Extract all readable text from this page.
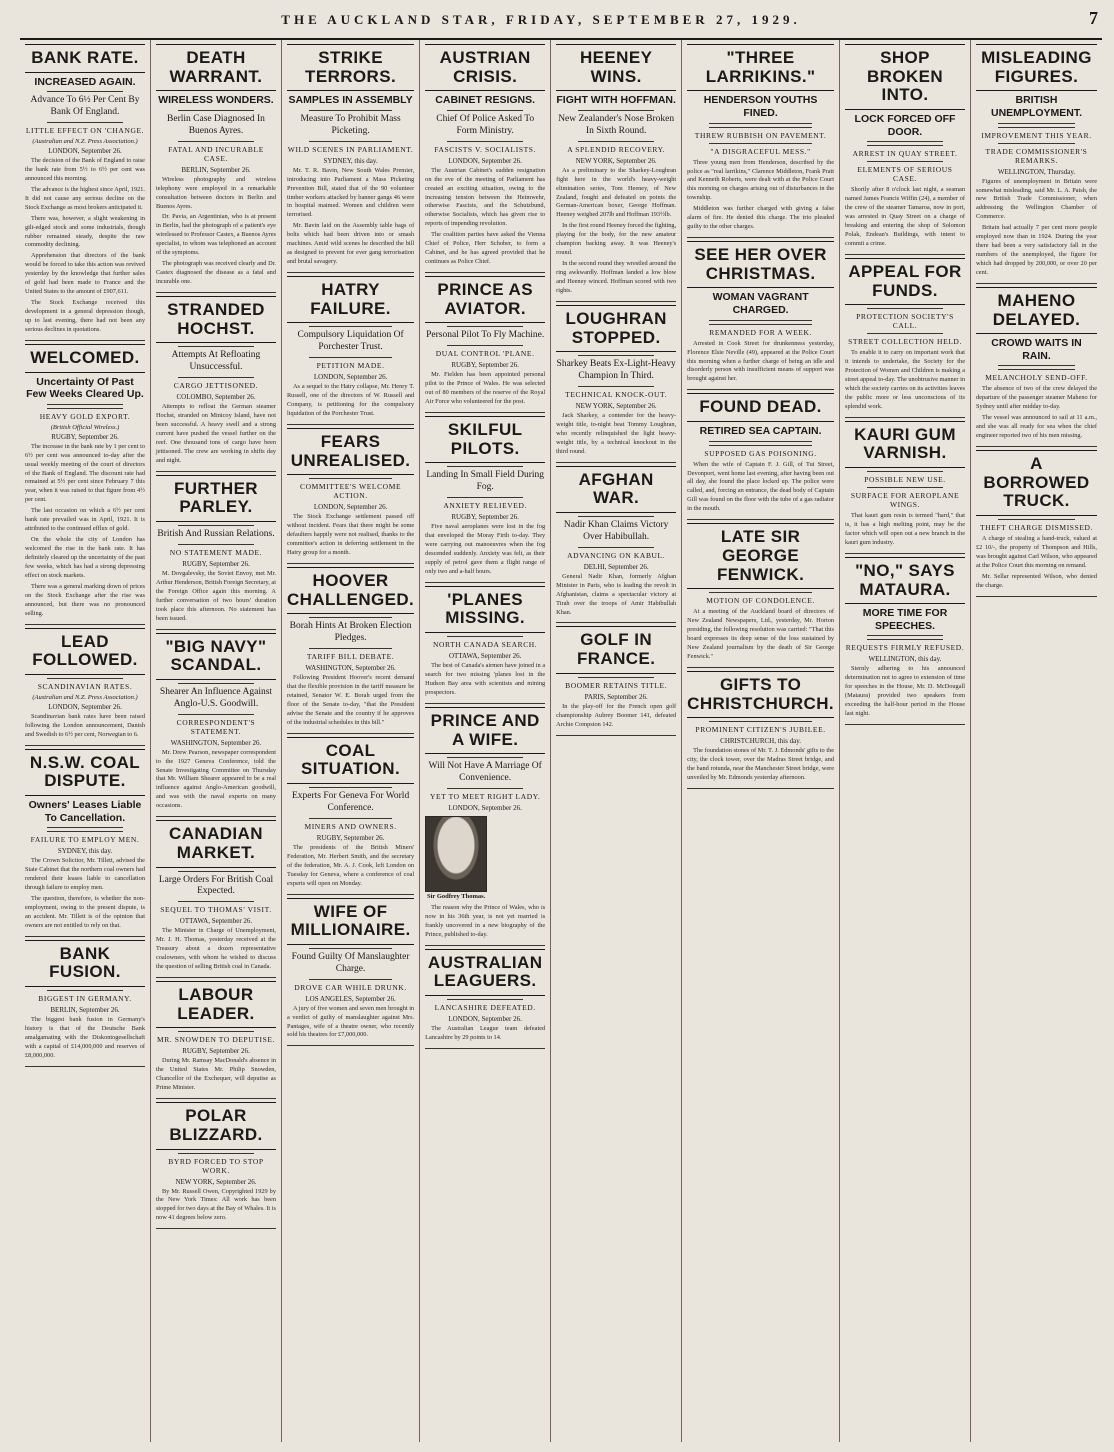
THE AUCKLAND STAR, FRIDAY, SEPTEMBER 27, 1929.	7
BANK RATE.
INCREASED AGAIN.
Advance To 6½ Per Cent By Bank Of England.
LITTLE EFFECT ON 'CHANGE.
(Australian and N.Z. Press Association.)
LONDON, September 26.

The decision of the Bank of England to raise the bank rate from 5½ to 6½ per cent was announced this morning.

The advance is the highest since April, 1921. It did not cause any serious decline on the Stock Exchange as most brokers anticipated it.

There was, however, a slight weakening in gilt-edged stock and some industrials, though rubber remained steady, despite the raw commodity declining.

Apprehension that directors of the bank would be forced to take this action was revived yesterday by the knowledge that further sales of gold had been made to France and the United States to the amount of £907,611.

The Stock Exchange received this development in a general depression though, up to last evening, there had not been any serious declines in quotations.

WELCOMED.
Uncertainty Of Past Few Weeks Cleared Up.
HEAVY GOLD EXPORT.
(British Official Wireless.)
RUGBY, September 26.

The increase in the bank rate by 1 per cent to 6½ per cent was announced to-day after the usual weekly meeting of the court of directors of the Bank of England. The discount rate had remained at 5½ per cent since February 7 this year, when it was raised to that figure from 4½ per cent.

The last occasion on which a 6½ per cent bank rate prevailed was in April, 1921. It is attributed to the continued efflux of gold.

On the whole the city of London has welcomed the rise in the bank rate. It has definitely cleared up the uncertainty of the past few weeks, which has had a strong depressing effect on stock markets.

There was a general marking down of prices on the Stock Exchange after the rise was announced, but there was no pronounced selling.

LEAD FOLLOWED.
SCANDINAVIAN RATES.
(Australian and N.Z. Press Association.)
LONDON, September 26.

Scandinavian bank rates have been raised following the London announcement, Danish and Swedish to 6½ per cent, Norwegian to 6.

N.S.W. COAL DISPUTE.
Owners' Leases Liable To Cancellation.
FAILURE TO EMPLOY MEN.
SYDNEY, this day.

The Crown Solicitor, Mr. Tillett, advised the State Cabinet that the northern coal owners had rendered their leases liable to cancellation through failure to employ men.

The question, therefore, is whether the non-employment, owing to the present dispute, is an accident. Mr. Tillett is of the opinion that owners are not entitled to rely on that.

BANK FUSION.
BIGGEST IN GERMANY.
BERLIN, September 26.

The biggest bank fusion in Germany's history is that of the Deutsche Bank amalgamating with the Diskontogesellschaft with a capital of £14,000,000 and reserves of £8,000,000.

DEATH WARRANT.
WIRELESS WONDERS.
Berlin Case Diagnosed In Buenos Ayres.
FATAL AND INCURABLE CASE.
BERLIN, September 26.

Wireless photography and wireless telephony were employed in a remarkable consultation between doctors in Berlin and Buenos Ayres.

Dr. Pavia, an Argentinian, who is at present in Berlin, had the photograph of a patient's eye wirelessed to Professor Castex, a Buenos Ayres specialist, to whom was telephoned an account of the symptoms.

The photograph was received clearly and Dr. Castex diagnosed the disease as a fatal and incurable one.

STRANDED HOCHST.
Attempts At Refloating Unsuccessful.
CARGO JETTISONED.
COLOMBO, September 26.

Attempts to refloat the German steamer Hochst, stranded on Minicoy Island, have not been successful. A heavy swell and a strong current have pushed the vessel further on the reef. One thousand tons of cargo have been jettisoned. The crew are working in shifts day and night.

FURTHER PARLEY.
British And Russian Relations.
NO STATEMENT MADE.
RUGBY, September 26.

M. Dovgalevsky, the Soviet Envoy, met Mr. Arthur Henderson, British Foreign Secretary, at the Foreign Office again this morning. A further conversation of two hours' duration took place this afternoon. No statement has been issued.

"BIG NAVY" SCANDAL.
Shearer An Influence Against Anglo-U.S. Goodwill.
CORRESPONDENT'S STATEMENT.
WASHINGTON, September 26.

Mr. Drew Pearson, newspaper correspondent to the 1927 Geneva Conference, told the Senate Investigating Committee on Thursday that Mr. William Shearer appeared to be a real influence against Anglo-American goodwill, and was with the naval experts on many occasions.

CANADIAN MARKET.
Large Orders For British Coal Expected.
SEQUEL TO THOMAS' VISIT.
OTTAWA, September 26.

The Minister in Charge of Unemployment, Mr. J. H. Thomas, yesterday received at the Treasury about a dozen representative coalowners, with whom he wished to discuss the question of selling British coal in Canada.

LABOUR LEADER.
MR. SNOWDEN TO DEPUTISE.
RUGBY, September 26.

During Mr. Ramsay MacDonald's absence in the United States Mr. Philip Snowden, Chancellor of the Exchequer, will deputise as Prime Minister.

POLAR BLIZZARD.
BYRD FORCED TO STOP WORK.
NEW YORK, September 26.

By Mr. Russell Owen, Copyrighted 1929 by the New York Times: All work has been stopped for two days at the Bay of Whales. It is now 41 degrees below zero.

STRIKE TERRORS.
SAMPLES IN ASSEMBLY
Measure To Prohibit Mass Picketing.
WILD SCENES IN PARLIAMENT.
SYDNEY, this day.

Mr. T. R. Bavin, New South Wales Premier, introducing into Parliament a Mass Picketing Prevention Bill, stated that of the 90 volunteer timber workers attacked by banner gangs 46 were in hospital maimed. Women and children were terrorised.

Mr. Bavin laid on the Assembly table bags of bolts which had been driven into or smash machines. Amid wild scenes he described the bill as designed to prevent for ever gang terrorisation and brutal savagery.

HATRY FAILURE.
Compulsory Liquidation Of Porchester Trust.
PETITION MADE.
LONDON, September 26.

As a sequel to the Hatry collapse, Mr. Henry T. Russell, one of the directors of W. Russell and Company, is petitioning for the compulsory liquidation of the Porchester Trust.

FEARS UNREALISED.
COMMITTEE'S WELCOME ACTION.
LONDON, September 26.

The Stock Exchange settlement passed off without incident. Fears that there might be some defaulters happily were not realised, thanks to the committee's action in deferring settlement in the Hatry group for a month.

HOOVER CHALLENGED.
Borah Hints At Broken Election Pledges.
TARIFF BILL DEBATE.
WASHINGTON, September 26.

Following President Hoover's recent demand that the flexible provision in the tariff measure be retained, Senator W. E. Borah urged from the floor of the Senate to-day, "that the President advise the Senate and the country if he approves of the industrial schedules in this bill."

COAL SITUATION.
Experts For Geneva For World Conference.
MINERS AND OWNERS.
RUGBY, September 26.

The presidents of the British Miners' Federation, Mr. Herbert Smith, and the secretary of the federation, Mr. A. J. Cook, left London on Tuesday for Geneva, where a conference of coal experts will open on Monday.

WIFE OF MILLIONAIRE.
Found Guilty Of Manslaughter Charge.
DROVE CAR WHILE DRUNK.
LOS ANGELES, September 26.

A jury of five women and seven men brought in a verdict of guilty of manslaughter against Mrs. Pantages, wife of a theatre owner, who recently sold his theatres for £7,000,000.

AUSTRIAN CRISIS.
CABINET RESIGNS.
Chief Of Police Asked To Form Ministry.
FASCISTS V. SOCIALISTS.
LONDON, September 26.

The Austrian Cabinet's sudden resignation on the eve of the meeting of Parliament has created an exciting situation, owing to the increasing tension between the Heimwehr, otherwise Fascists, and the Schutzbund, otherwise Socialists, which has given rise to reports of impending revolution.

The coalition parties have asked the Vienna Chief of Police, Herr Schober, to form a Cabinet, and he has agreed provided that he continues as Police Chief.

PRINCE AS AVIATOR.
Personal Pilot To Fly Machine.
DUAL CONTROL 'PLANE.
RUGBY, September 26.

Mr. Fielden has been appointed personal pilot to the Prince of Wales. He was selected out of 80 members of the reserve of the Royal Air Force who volunteered for the post.

SKILFUL PILOTS.
Landing In Small Field During Fog.
ANXIETY RELIEVED.
RUGBY, September 26.

Five naval aeroplanes were lost in the fog that enveloped the Moray Firth to-day. They were carrying out manoeuvres when the fog descended suddenly. Anxiety was felt, as their supply of petrol gave them a flight range of only two and a-half hours.

'PLANES MISSING.
NORTH CANADA SEARCH.
OTTAWA, September 26.

The best of Canada's airmen have joined in a search for two missing 'planes lost in the Hudson Bay area with scientists and mining prospectors.

PRINCE AND A WIFE.
Will Not Have A Marriage Of Convenience.
YET TO MEET RIGHT LADY.
LONDON, September 26.
Sir Godfrey Thomas.

The reason why the Prince of Wales, who is now in his 36th year, is not yet married is frankly uncovered in a new biography of the Prince, published to-day.

AUSTRALIAN LEAGUERS.
LANCASHIRE DEFEATED.
LONDON, September 26.

The Australian League team defeated Lancashire by 29 points to 14.

HEENEY WINS.
FIGHT WITH HOFFMAN.
New Zealander's Nose Broken In Sixth Round.
A SPLENDID RECOVERY.
NEW YORK, September 26.

As a preliminary to the Sharkey-Loughran fight here in the world's heavy-weight elimination series, Tom Heeney, of New Zealand, fought and defeated on points the German-American boxer, George Hoffman. Heeney weighed 207lb and Hoffman 193½lb.

In the first round Heeney forced the fighting, playing for the body, for the new amateur champion backing away. It was Heeney's round.

In the second round they wrestled around the ring awkwardly. Hoffman landed a low blow and Heeney winced. Hoffman scored with two rights.

LOUGHRAN STOPPED.
Sharkey Beats Ex-Light-Heavy Champion In Third.
TECHNICAL KNOCK-OUT.
NEW YORK, September 26.

Jack Sharkey, a contender for the heavy-weight title, to-night beat Tommy Loughran, who recently relinquished the light heavy-weight title, by a technical knockout in the third round.

AFGHAN WAR.
Nadir Khan Claims Victory Over Habibullah.
ADVANCING ON KABUL.
DELHI, September 26.

General Nadir Khan, formerly Afghan Minister in Paris, who is leading the revolt in Afghanistan, claims a spectacular victory at Tirah over the troops of Amir Habibullah Khan.

GOLF IN FRANCE.
BOOMER RETAINS TITLE.
PARIS, September 26.

In the play-off for the French open golf championship Aubrey Boomer 141, defeated Archie Compston 142.

"THREE LARRIKINS."
HENDERSON YOUTHS FINED.
THREW RUBBISH ON PAVEMENT.
"A DISGRACEFUL MESS."

Three young men from Henderson, described by the police as "real larrikins," Clarence Middleton, Frank Pratt and Kenneth Roberts, were dealt with at the Police Court this morning on charges arising out of disturbances in the township.

Middleton was further charged with giving a false alarm of fire. He denied this charge. The trio pleaded guilty to the other charges.

SEE HER OVER CHRISTMAS.
WOMAN VAGRANT CHARGED.
REMANDED FOR A WEEK.

Arrested in Cook Street for drunkenness yesterday, Florence Elsie Neville (49), appeared at the Police Court this morning when a further charge of being an idle and disorderly person with insufficient means of support was brought against her.

FOUND DEAD.
RETIRED SEA CAPTAIN.
SUPPOSED GAS POISONING.

When the wife of Captain F. J. Gill, of Tui Street, Devonport, went home last evening, after having been out all day, she found the place locked up. The police were called, and, forcing an entrance, the dead body of Captain Gill was found on the floor with the tube of a gas radiator in the mouth.

LATE SIR GEORGE FENWICK.
MOTION OF CONDOLENCE.

At a meeting of the Auckland board of directors of New Zealand Newspapers, Ltd., yesterday, Mr. Horton presiding, the following resolution was carried: "That this board expresses its deep sense of the loss sustained by New Zealand journalism by the death of Sir George Fenwick."

GIFTS TO CHRISTCHURCH.
PROMINENT CITIZEN'S JUBILEE.
CHRISTCHURCH, this day.

The foundation stones of Mr. T. J. Edmonds' gifts to the city, the clock tower, over the Madras Street bridge, and the band rotunda, near the Manchester Street bridge, were unveiled by Mr. Edmonds yesterday afternoon.

SHOP BROKEN INTO.
LOCK FORCED OFF DOOR.
ARREST IN QUAY STREET.
ELEMENTS OF SERIOUS CASE.

Shortly after 8 o'clock last night, a seaman named James Francis Wiffin (24), a member of the crew of the steamer Tamaroa, now in port, was arrested in Quay Street on a charge of breaking and entering the shop of Solomon Polak, Endean's Buildings, with intent to commit a crime.

APPEAL FOR FUNDS.
PROTECTION SOCIETY'S CALL.
STREET COLLECTION HELD.

To enable it to carry on important work that it intends to undertake, the Society for the Protection of Women and Children is making a street appeal to-day. The unobtrusive manner in which the society carries on its activities leaves the public more or less unconscious of its splendid work.

KAURI GUM VARNISH.
POSSIBLE NEW USE.
SURFACE FOR AEROPLANE WINGS.

That kauri gum resin is termed "hard," that is, it has a high melting point, may be the factor which will open out a new branch in the kauri gum industry.

"NO," SAYS MATAURA.
MORE TIME FOR SPEECHES.
REQUESTS FIRMLY REFUSED.
WELLINGTON, this day.

Sternly adhering to his announced determination not to agree to extension of time for speeches in the House, Mr. D. McDougall (Mataura) provided two speakers from exceeding the half-hour period in the House last night.

MISLEADING FIGURES.
BRITISH UNEMPLOYMENT.
IMPROVEMENT THIS YEAR.
TRADE COMMISSIONER'S REMARKS.
WELLINGTON, Thursday.

Figures of unemployment in Britain were somewhat misleading, said Mr. L. A. Paish, the new British Trade Commissioner, when addressing the Wellington Chamber of Commerce.

Britain had actually 7 per cent more people employed now than in 1924. During the year there had been a very satisfactory fall in the numbers of the unemployed, the figure for which had dropped by 200,000, or over 20 per cent.

MAHENO DELAYED.
CROWD WAITS IN RAIN.
MELANCHOLY SEND-OFF.

The absence of two of the crew delayed the departure of the passenger steamer Maheno for Sydney until after midday to-day.

The vessel was announced to sail at 11 a.m., and she was all ready for sea when the chief engineer reported two of his men missing.

A BORROWED TRUCK.
THEFT CHARGE DISMISSED.

A charge of stealing a hand-truck, valued at £2 10/-, the property of Thompson and Hills, was brought against Carl Wilson, who appeared at the Police Court this morning on remand.

Mr. Sellar represented Wilson, who denied the charge.
